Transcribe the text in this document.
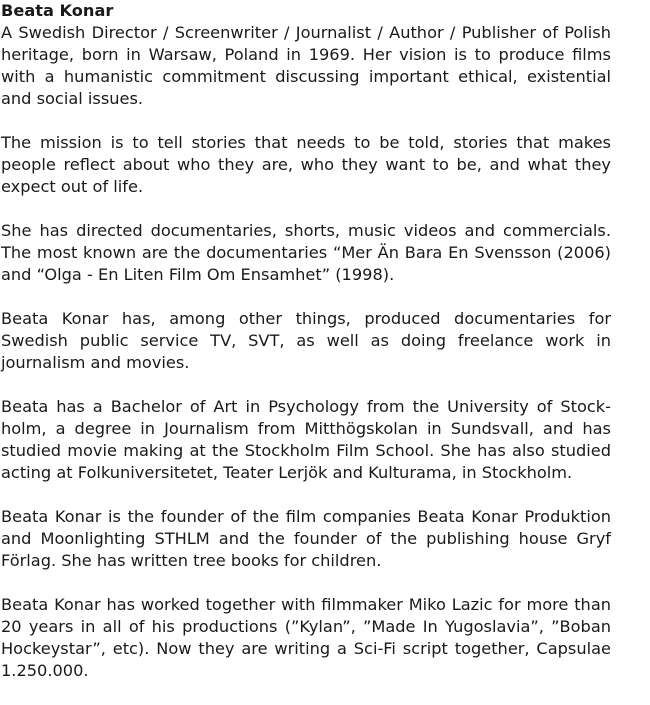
Beata Konar

A Swedish Director / Screenwriter / Journalist / Author / Publisher of Polish heritage, born in Warsaw, Poland in 1969. Her vision is to produce films with a humanistic commitment discussing important ethical, existential and social issues.

The mission is to tell stories that needs to be told, stories that makes people reflect about who they are, who they want to be, and what they expect out of life.

She has directed documentaries, shorts, music videos and commercials. The most known are the documentaries “Mer Än Bara En Svensson (2006) and “Olga - En Liten Film Om Ensamhet” (1998).

Beata Konar has, among other things, produced documentaries for Swedish public service TV, SVT, as well as doing freelance work in journalism and movies.

Beata has a Bachelor of Art in Psychology from the University of Stockholm, a degree in Journalism from Mitthögskolan in Sundsvall, and has studied movie making at the Stockholm Film School. She has also studied acting at Folkuniversitetet, Teater Lerjök and Kulturama, in Stockholm.

Beata Konar is the founder of the film companies Beata Konar Produktion and Moonlighting STHLM and the founder of the publishing house Gryf Förlag. She has written tree books for children.

Beata Konar has worked together with filmmaker Miko Lazic for more than 20 years in all of his productions (”Kylan”, ”Made In Yugoslavia”, ”Boban Hockeystar”, etc). Now they are writing a Sci-Fi script together, Capsulae 1.250.000.
